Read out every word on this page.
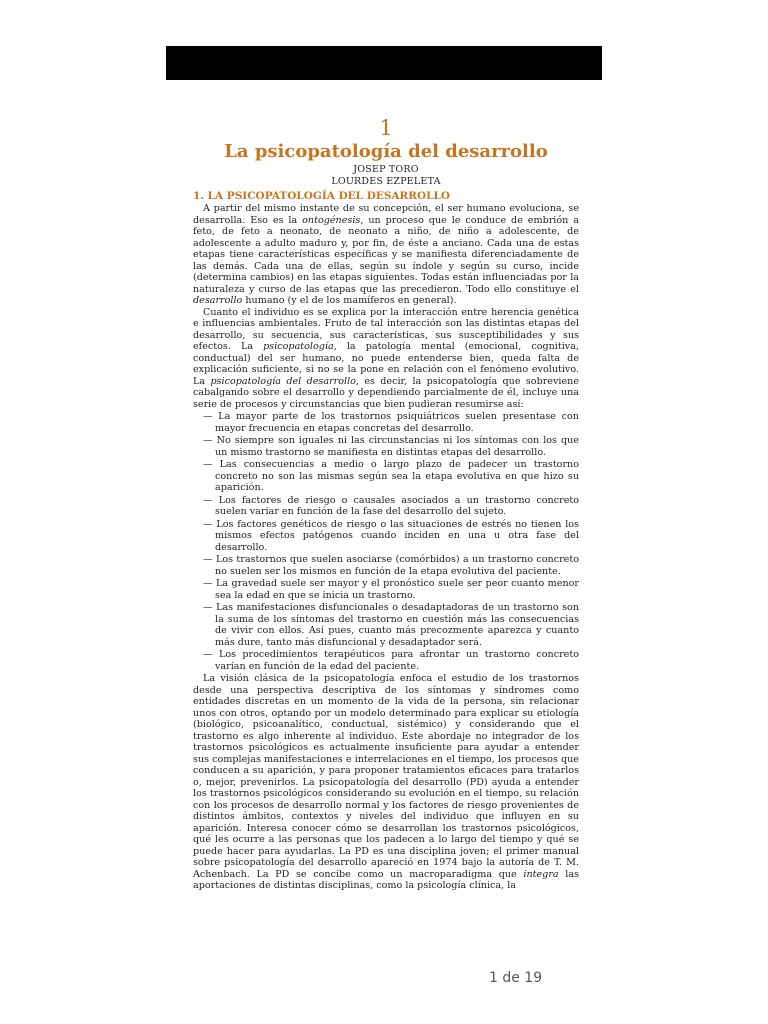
1
La psicopatología del desarrollo
JOSEP TORO
LOURDES EZPELETA
1. LA PSICOPATOLOGÍA DEL DESARROLLO

A partir del mismo instante de su concepción, el ser humano evoluciona, se desarrolla. Eso es la ontogénesis, un proceso que le conduce de embrión a feto, de feto a neonato, de neonato a niño, de niño a adolescente, de adolescente a adulto maduro y, por fin, de éste a anciano. Cada una de estas etapas tiene características específicas y se manifiesta diferenciadamente de las demás. Cada una de ellas, según su índole y según su curso, incide (determina cambios) en las etapas siguientes. Todas están influenciadas por la naturaleza y curso de las etapas que las precedieron. Todo ello constituye el desarrollo humano (y el de los mamíferos en general).

Cuanto el individuo es se explica por la interacción entre herencia genética e influencias ambientales. Fruto de tal interacción son las distintas etapas del desarrollo, su secuencia, sus características, sus susceptibilidades y sus efectos. La psicopatología, la patología mental (emocional, cognitiva, conductual) del ser humano, no puede entenderse bien, queda falta de explicación suficiente, si no se la pone en relación con el fenómeno evolutivo. La psicopatología del desarrollo, es decir, la psicopatología que sobreviene cabalgando sobre el desarrollo y dependiendo parcialmente de él, incluye una serie de procesos y circunstancias que bien pudieran resumirse así:

— La mayor parte de los trastornos psiquiátricos suelen presentase con mayor frecuencia en etapas concretas del desarrollo.
— No siempre son iguales ni las circunstancias ni los síntomas con los que un mismo trastorno se manifiesta en distintas etapas del desarrollo.
— Las consecuencias a medio o largo plazo de padecer un trastorno concreto no son las mismas según sea la etapa evolutiva en que hizo su aparición.
— Los factores de riesgo o causales asociados a un trastorno concreto suelen variar en función de la fase del desarrollo del sujeto.
— Los factores genéticos de riesgo o las situaciones de estrés no tienen los mismos efectos patógenos cuando inciden en una u otra fase del desarrollo.
— Los trastornos que suelen asociarse (comórbidos) a un trastorno concreto no suelen ser los mismos en función de la etapa evolutiva del paciente.
— La gravedad suele ser mayor y el pronóstico suele ser peor cuanto menor sea la edad en que se inicia un trastorno.
— Las manifestaciones disfuncionales o desadaptadoras de un trastorno son la suma de los síntomas del trastorno en cuestión más las consecuencias de vivir con ellos. Así pues, cuanto más precozmente aparezca y cuanto más dure, tanto más disfuncional y desadaptador será.
— Los procedimientos terapéuticos para afrontar un trastorno concreto varían en función de la edad del paciente.

La visión clásica de la psicopatología enfoca el estudio de los trastornos desde una perspectiva descriptiva de los síntomas y síndromes como entidades discretas en un momento de la vida de la persona, sin relacionar unos con otros, optando por un modelo determinado para explicar su etiología (biológico, psicoanalítico, conductual, sistémico) y considerando que el trastorno es algo inherente al individuo. Este abordaje no integrador de los trastornos psicológicos es actualmente insuficiente para ayudar a entender sus complejas manifestaciones e interrelaciones en el tiempo, los procesos que conducen a su aparición, y para proponer tratamientos eficaces para tratarlos o, mejor, prevenirlos. La psicopatología del desarrollo (PD) ayuda a entender los trastornos psicológicos considerando su evolución en el tiempo, su relación con los procesos de desarrollo normal y los factores de riesgo provenientes de distintos ámbitos, contextos y niveles del individuo que influyen en su aparición. Interesa conocer cómo se desarrollan los trastornos psicológicos, qué les ocurre a las personas que los padecen a lo largo del tiempo y qué se puede hacer para ayudarlas. La PD es una disciplina joven; el primer manual sobre psicopatología del desarrollo apareció en 1974 bajo la autoría de T. M. Achenbach. La PD se concibe como un macroparadigma que integra las aportaciones de distintas disciplinas, como la psicología clínica, la

1 de 19
